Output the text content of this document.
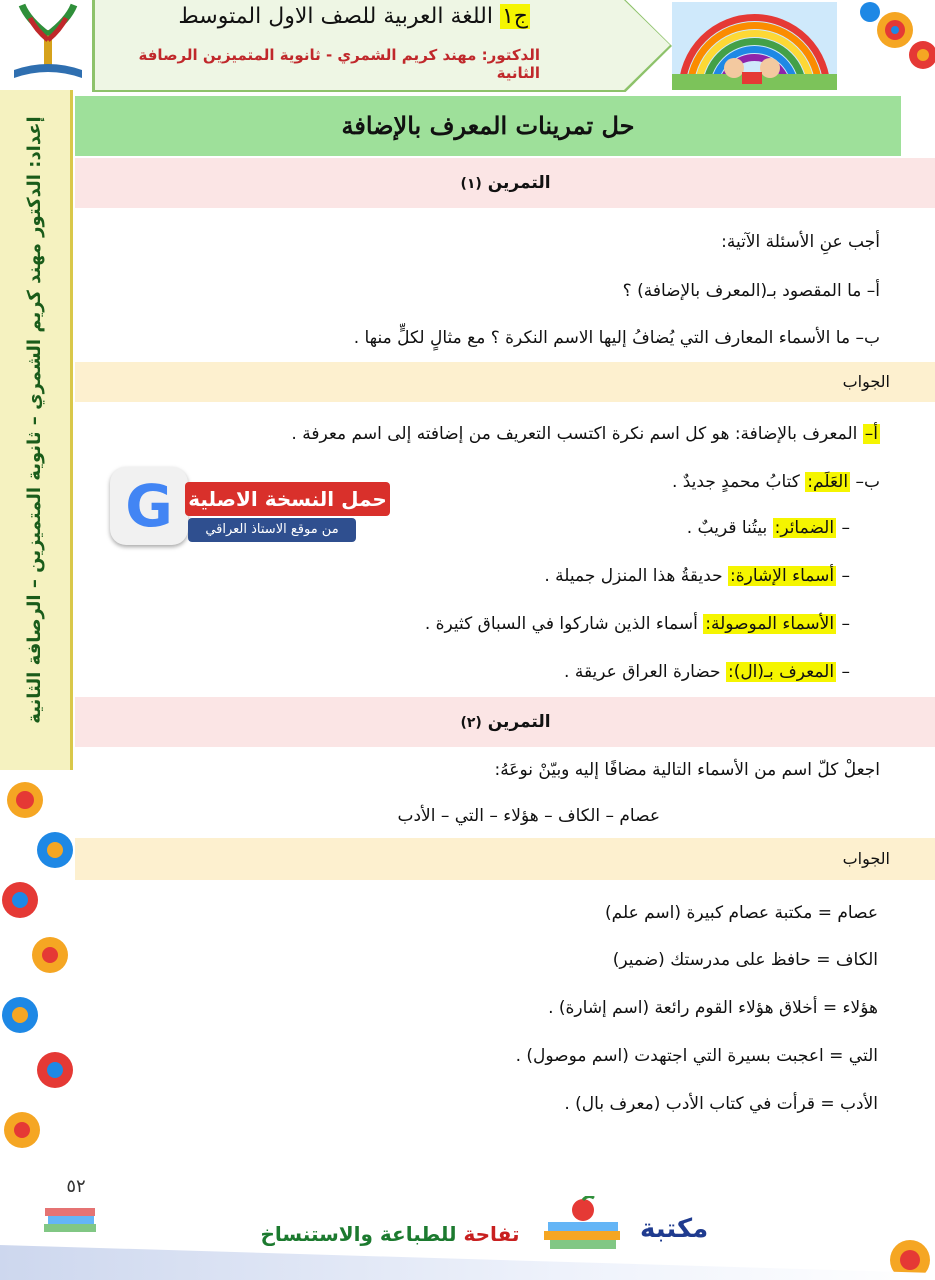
ج١ اللغة العربية للصف الاول المتوسط
الدكتور: مهند كريم الشمري - ثانوية المتميزين الرصافة الثانية
إعداد: الدكتور مهند كريم الشمري – ثانوية المتميزين – الرصافة الثانية	حل تمرينات المعرف بالإضافة
التمرين (١)
أجب عنِ الأسئلة الآتية:
أ– ما المقصود بـ(المعرف بالإضافة) ؟
ب– ما الأسماء المعارف التي يُضافُ إليها الاسم النكرة ؟ مع مثالٍ لكلٍّ منها .
الجواب
أ– المعرف بالإضافة: هو كل اسم نكرة اكتسب التعريف من إضافته إلى اسم معرفة .
ب– العَلَم: كتابُ محمدٍ جديدٌ .
– الضمائر: بيتُنا قريبٌ .
– أسماء الإشارة: حديقةُ هذا المنزل جميلة .
– الأسماء الموصولة: أسماء الذين شاركوا في السباق كثيرة .
– المعرف بـ(ال): حضارة العراق عريقة .
G حمل النسخة الاصلية
من موقع الاستاذ العراقي
التمرين (٢)
اجعلْ كلّ اسم من الأسماء التالية مضافًا إليه وبيّنْ نوعَهُ:
عصام – الكاف – هؤلاء – التي – الأدب
الجواب
عصام = مكتبة عصام كبيرة (اسم علم)
الكاف = حافظ على مدرستك (ضمير)
هؤلاء = أخلاق هؤلاء القوم رائعة (اسم إشارة) .
التي = اعجبت بسيرة التي اجتهدت (اسم موصول) .
الأدب = قرأت في كتاب الأدب (معرف بال) .
٥٢
مكتبة
تفاحة للطباعة والاستنساخ
